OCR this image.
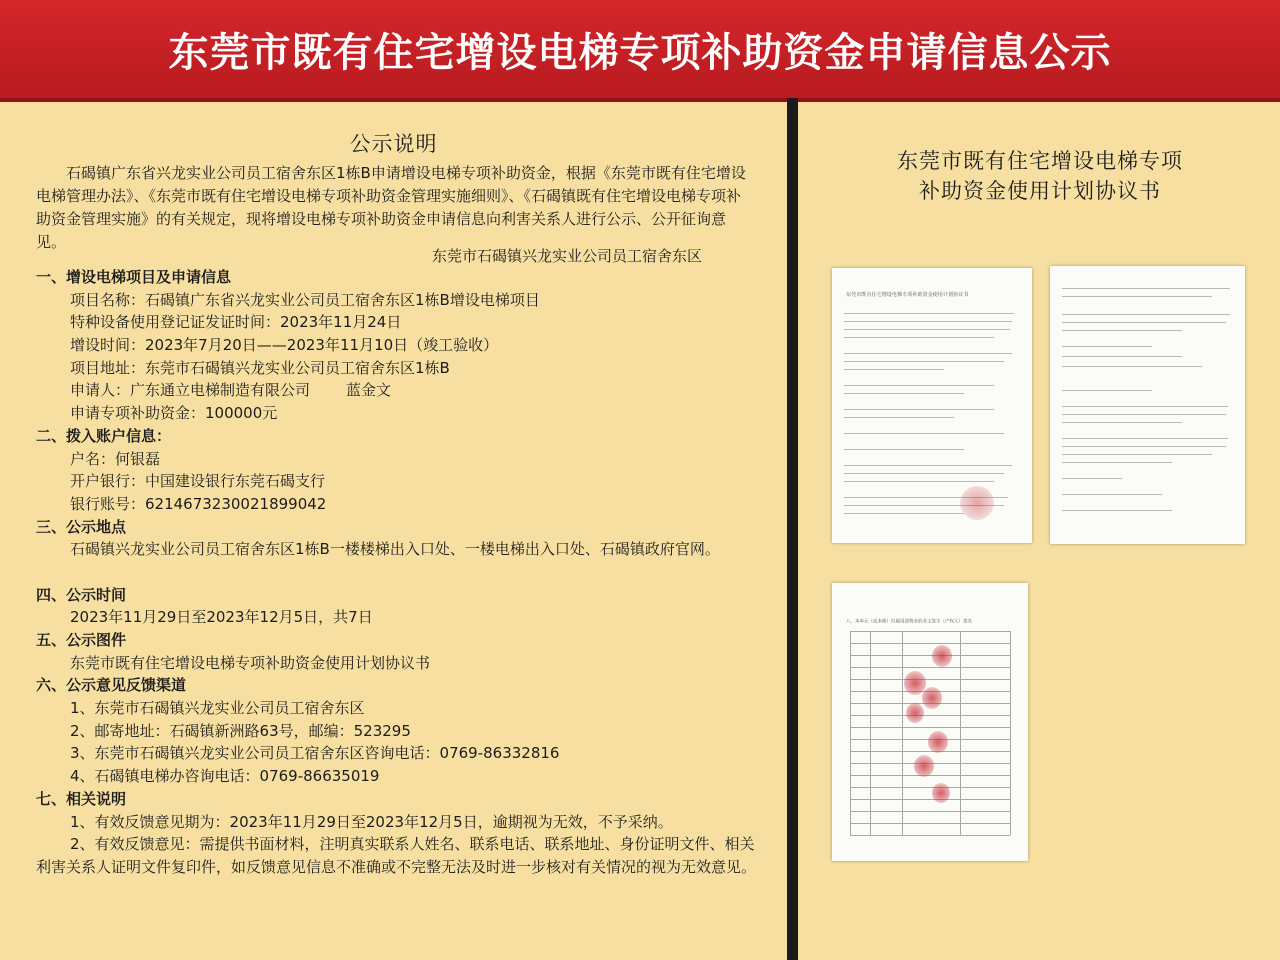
东莞市既有住宅增设电梯专项补助资金申请信息公示
公示说明

石碣镇广东省兴龙实业公司员工宿舍东区1栋B申请增设电梯专项补助资金，根据《东莞市既有住宅增设电梯管理办法》、《东莞市既有住宅增设电梯专项补助资金管理实施细则》、《石碣镇既有住宅增设电梯专项补助资金管理实施》的有关规定，现将增设电梯专项补助资金申请信息向利害关系人进行公示、公开征询意见。

东莞市石碣镇兴龙实业公司员工宿舍东区
一、增设电梯项目及申请信息
项目名称：石碣镇广东省兴龙实业公司员工宿舍东区1栋B增设电梯项目
特种设备使用登记证发证时间：2023年11月24日
增设时间：2023年7月20日——2023年11月10日（竣工验收）
项目地址：东莞市石碣镇兴龙实业公司员工宿舍东区1栋B
申请人：广东通立电梯制造有限公司 蓝金文
申请专项补助资金：100000元
二、拨入账户信息：
户名：何银磊
开户银行：中国建设银行东莞石碣支行
银行账号：6214673230021899042
三、公示地点
石碣镇兴龙实业公司员工宿舍东区1栋B一楼楼梯出入口处、一楼电梯出入口处、石碣镇政府官网。
四、公示时间
2023年11月29日至2023年12月5日，共7日
五、公示图件
东莞市既有住宅增设电梯专项补助资金使用计划协议书
六、公示意见反馈渠道
1、东莞市石碣镇兴龙实业公司员工宿舍东区
2、邮寄地址：石碣镇新洲路63号，邮编：523295
3、东莞市石碣镇兴龙实业公司员工宿舍东区咨询电话：0769-86332816
4、石碣镇电梯办咨询电话：0769-86635019
七、相关说明
1、有效反馈意见期为：2023年11月29日至2023年12月5日，逾期视为无效，不予采纳。
2、有效反馈意见：需提供书面材料，注明真实联系人姓名、联系电话、联系地址、身份证明文件、相关利害关系人证明文件复印件，如反馈意见信息不准确或不完整无法及时进一步核对有关情况的视为无效意见。
东莞市既有住宅增设电梯专项
补助资金使用计划协议书
东莞市既有住宅增设电梯专项补助资金使用计划协议书
八、本单元（成本栋）归属用途物业的业主签字（产权人）签名
